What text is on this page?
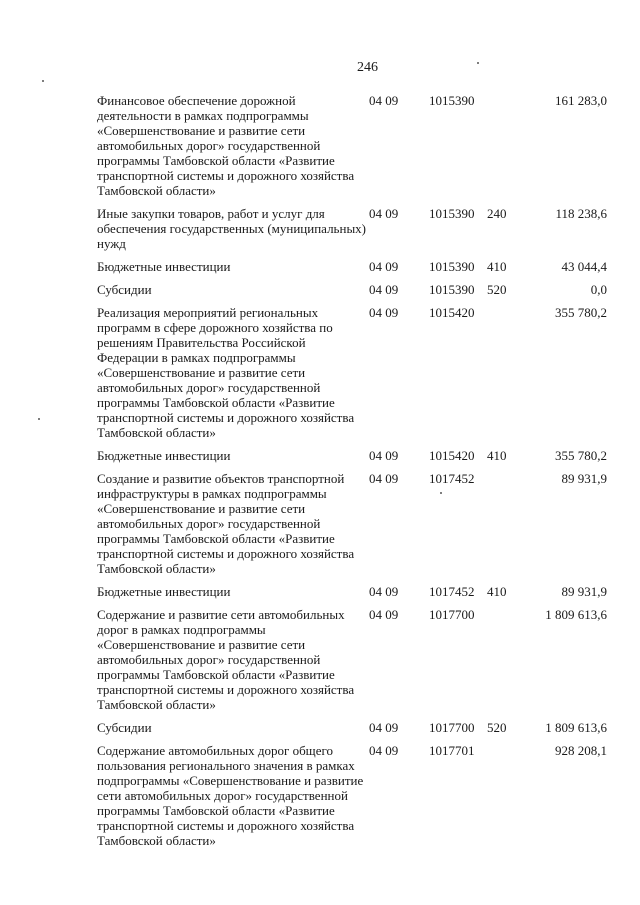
246
Финансовое обеспечение дорожной деятельности в рамках подпрограммы «Совершенствование и развитие сети автомобильных дорог» государственной программы Тамбовской области «Развитие транспортной системы и дорожного хозяйства Тамбовской области»	04 09	1015390		161 283,0
Иные закупки товаров, работ и услуг для обеспечения государственных (муниципальных) нужд	04 09	1015390	240	118 238,6
Бюджетные инвестиции	04 09	1015390	410	43 044,4
Субсидии	04 09	1015390	520	0,0
Реализация мероприятий региональных программ в сфере дорожного хозяйства по решениям Правительства Российской Федерации в рамках подпрограммы «Совершенствование и развитие сети автомобильных дорог» государственной программы Тамбовской области «Развитие транспортной системы и дорожного хозяйства Тамбовской области»	04 09	1015420		355 780,2
Бюджетные инвестиции	04 09	1015420	410	355 780,2
Создание и развитие объектов транспортной инфраструктуры в рамках подпрограммы «Совершенствование и развитие сети автомобильных дорог» государственной программы Тамбовской области «Развитие транспортной системы и дорожного хозяйства Тамбовской области»	04 09	1017452		89 931,9
Бюджетные инвестиции	04 09	1017452	410	89 931,9
Содержание и развитие сети автомобильных дорог в рамках подпрограммы «Совершенствование и развитие сети автомобильных дорог» государственной программы Тамбовской области «Развитие транспортной системы и дорожного хозяйства Тамбовской области»	04 09	1017700		1 809 613,6
Субсидии	04 09	1017700	520	1 809 613,6
Содержание автомобильных дорог общего пользования регионального значения в рамках подпрограммы «Совершенствование и развитие сети автомобильных дорог» государственной программы Тамбовской области «Развитие транспортной системы и дорожного хозяйства Тамбовской области»	04 09	1017701		928 208,1
